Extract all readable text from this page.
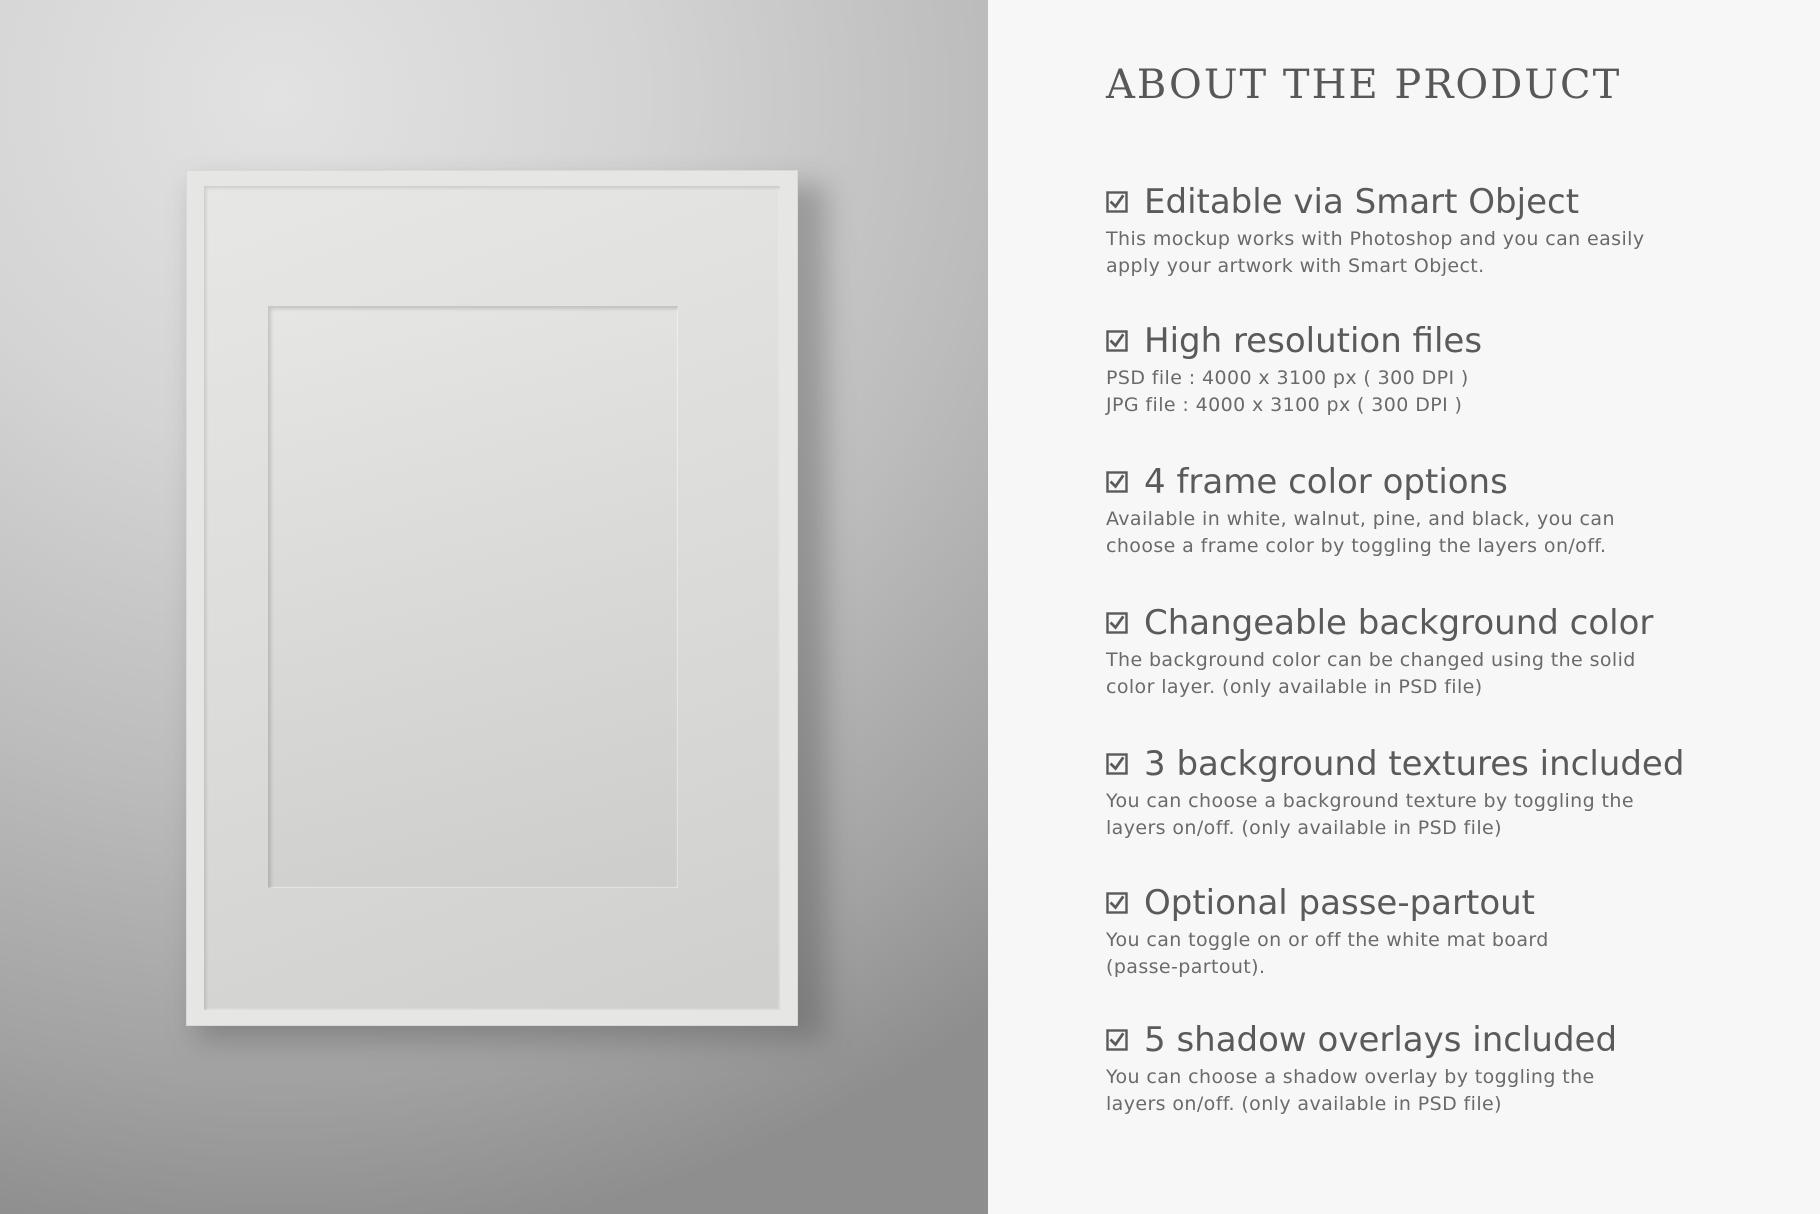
ABOUT THE PRODUCT
Editable via Smart Object
This mockup works with Photoshop and you can easily
apply your artwork with Smart Object.
High resolution files
PSD file : 4000 x 3100 px ( 300 DPI )
JPG file : 4000 x 3100 px ( 300 DPI )
4 frame color options
Available in white, walnut, pine, and black, you can
choose a frame color by toggling the layers on/off.
Changeable background color
The background color can be changed using the solid
color layer. (only available in PSD file)
3 background textures included
You can choose a background texture by toggling the
layers on/off. (only available in PSD file)
Optional passe-partout
You can toggle on or off the white mat board
(passe-partout).
5 shadow overlays included
You can choose a shadow overlay by toggling the
layers on/off. (only available in PSD file)
